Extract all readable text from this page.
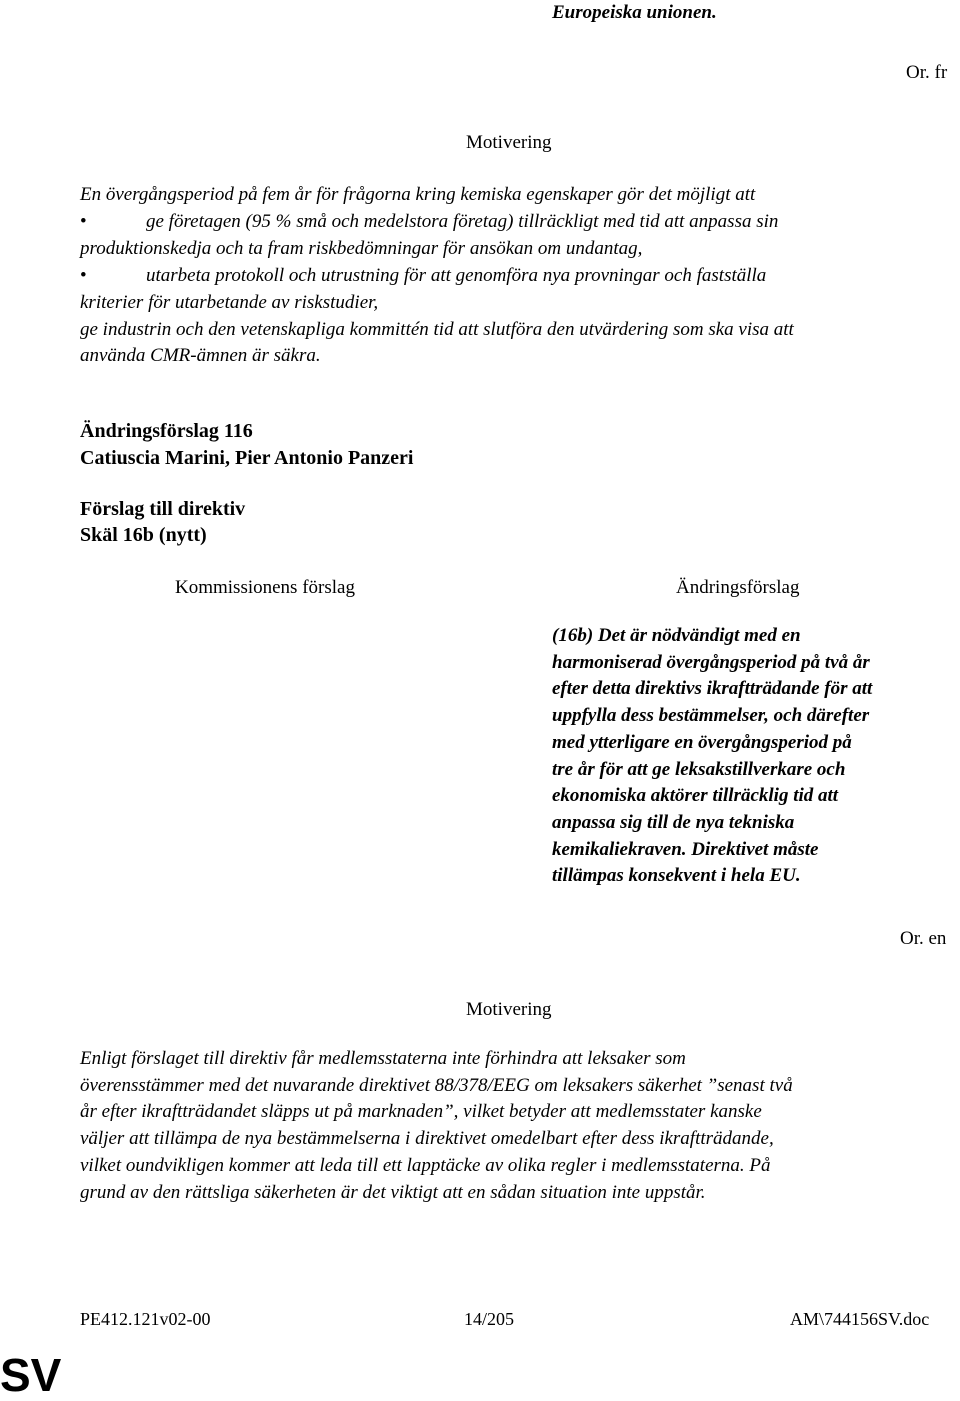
Europeiska unionen.
Or. fr
Motivering
En övergångsperiod på fem år för frågorna kring kemiska egenskaper gör det möjligt att
•	ge företagen (95 % små och medelstora företag) tillräckligt med tid att anpassa sin
produktionskedja och ta fram riskbedömningar för ansökan om undantag,
•	utarbeta protokoll och utrustning för att genomföra nya provningar och fastställa
kriterier för utarbetande av riskstudier,
ge industrin och den vetenskapliga kommittén tid att slutföra den utvärdering som ska visa att
använda CMR-ämnen är säkra.
Ändringsförslag 116
Catiuscia Marini, Pier Antonio Panzeri
Förslag till direktiv
Skäl 16b (nytt)
Kommissionens förslag	Ändringsförslag
(16b) Det är nödvändigt med en
harmoniserad övergångsperiod på två år
efter detta direktivs ikraftträdande för att
uppfylla dess bestämmelser, och därefter
med ytterligare en övergångsperiod på
tre år för att ge leksakstillverkare och
ekonomiska aktörer tillräcklig tid att
anpassa sig till de nya tekniska
kemikaliekraven. Direktivet måste
tillämpas konsekvent i hela EU.
Or. en
Motivering
Enligt förslaget till direktiv får medlemsstaterna inte förhindra att leksaker som
överensstämmer med det nuvarande direktivet 88/378/EEG om leksakers säkerhet ”senast två
år efter ikraftträdandet släpps ut på marknaden”, vilket betyder att medlemsstater kanske
väljer att tillämpa de nya bestämmelserna i direktivet omedelbart efter dess ikraftträdande,
vilket oundvikligen kommer att leda till ett lapptäcke av olika regler i medlemsstaterna. På
grund av den rättsliga säkerheten är det viktigt att en sådan situation inte uppstår.
PE412.121v02-00	14/205	AM\744156SV.doc
SV
